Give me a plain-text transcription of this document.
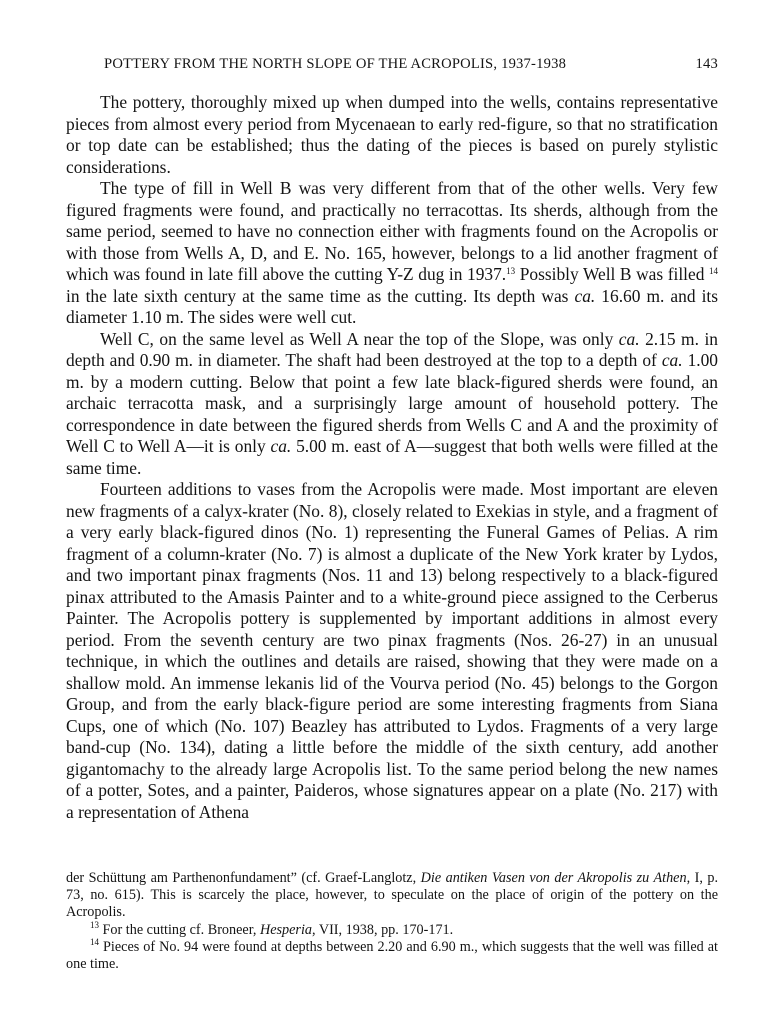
POTTERY FROM THE NORTH SLOPE OF THE ACROPOLIS, 1937-1938	143

The pottery, thoroughly mixed up when dumped into the wells, contains representative pieces from almost every period from Mycenaean to early red-figure, so that no stratification or top date can be established; thus the dating of the pieces is based on purely stylistic considerations.

The type of fill in Well B was very different from that of the other wells. Very few figured fragments were found, and practically no terracottas. Its sherds, although from the same period, seemed to have no connection either with fragments found on the Acropolis or with those from Wells A, D, and E. No. 165, however, belongs to a lid another fragment of which was found in late fill above the cutting Y-Z dug in 1937.13 Possibly Well B was filled $^{14}$ in the late sixth century at the same time as the cutting. Its depth was ca. 16.60 m. and its diameter 1.10 m. The sides were well cut.

Well C, on the same level as Well A near the top of the Slope, was only ca. 2.15 m. in depth and 0.90 m. in diameter. The shaft had been destroyed at the top to a depth of ca. 1.00 m. by a modern cutting. Below that point a few late black-figured sherds were found, an archaic terracotta mask, and a surprisingly large amount of household pottery. The correspondence in date between the figured sherds from Wells C and A and the proximity of Well C to Well A—it is only ca. 5.00 m. east of A—suggest that both wells were filled at the same time.

Fourteen additions to vases from the Acropolis were made. Most important are eleven new fragments of a calyx-krater (No. 8), closely related to Exekias in style, and a fragment of a very early black-figured dinos (No. 1) representing the Funeral Games of Pelias. A rim fragment of a column-krater (No. 7) is almost a duplicate of the New York krater by Lydos, and two important pinax fragments (Nos. 11 and 13) belong respectively to a black-figured pinax attributed to the Amasis Painter and to a white-ground piece assigned to the Cerberus Painter. The Acropolis pottery is supplemented by important additions in almost every period. From the seventh century are two pinax fragments (Nos. 26-27) in an unusual technique, in which the outlines and details are raised, showing that they were made on a shallow mold. An immense lekanis lid of the Vourva period (No. 45) belongs to the Gorgon Group, and from the early black-figure period are some interesting fragments from Siana Cups, one of which (No. 107) Beazley has attributed to Lydos. Fragments of a very large band-cup (No. 134), dating a little before the middle of the sixth century, add another gigantomachy to the already large Acropolis list. To the same period belong the new names of a potter, Sotes, and a painter, Paideros, whose signatures appear on a plate (No. 217) with a representation of Athena

der Schüttung am Parthenonfundament” (cf. Graef-Langlotz, Die antiken Vasen von der Akropolis zu Athen, I, p. 73, no. 615). This is scarcely the place, however, to speculate on the place of origin of the pottery on the Acropolis.

$^{13}$ For the cutting cf. Broneer, Hesperia, VII, 1938, pp. 170-171.

$^{14}$ Pieces of No. 94 were found at depths between 2.20 and 6.90 m., which suggests that the well was filled at one time.
